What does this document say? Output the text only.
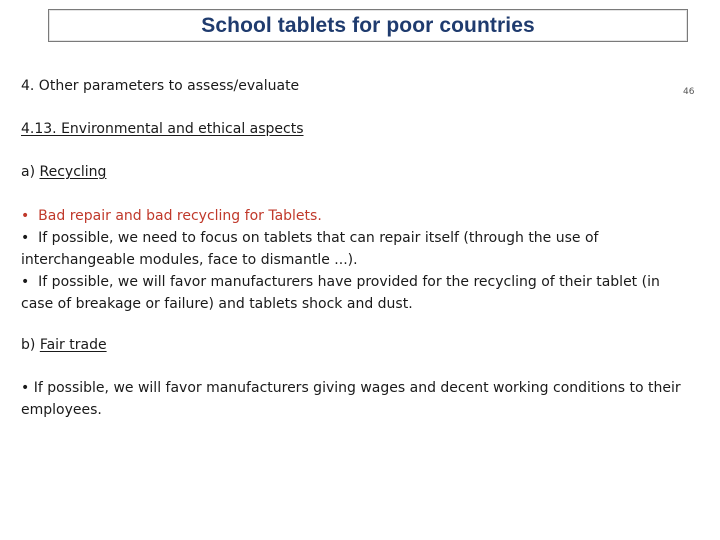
School tablets for poor countries
46
4. Other parameters to assess/evaluate
4.13. Environmental and ethical aspects
a) Recycling

• Bad repair and bad recycling for Tablets.

• If possible, we need to focus on tablets that can repair itself (through the use of interchangeable modules, face to dismantle ...).

• If possible, we will favor manufacturers have provided for the recycling of their tablet (in case of breakage or failure) and tablets shock and dust.

b) Fair trade

• If possible, we will favor manufacturers giving wages and decent working conditions to their employees.
